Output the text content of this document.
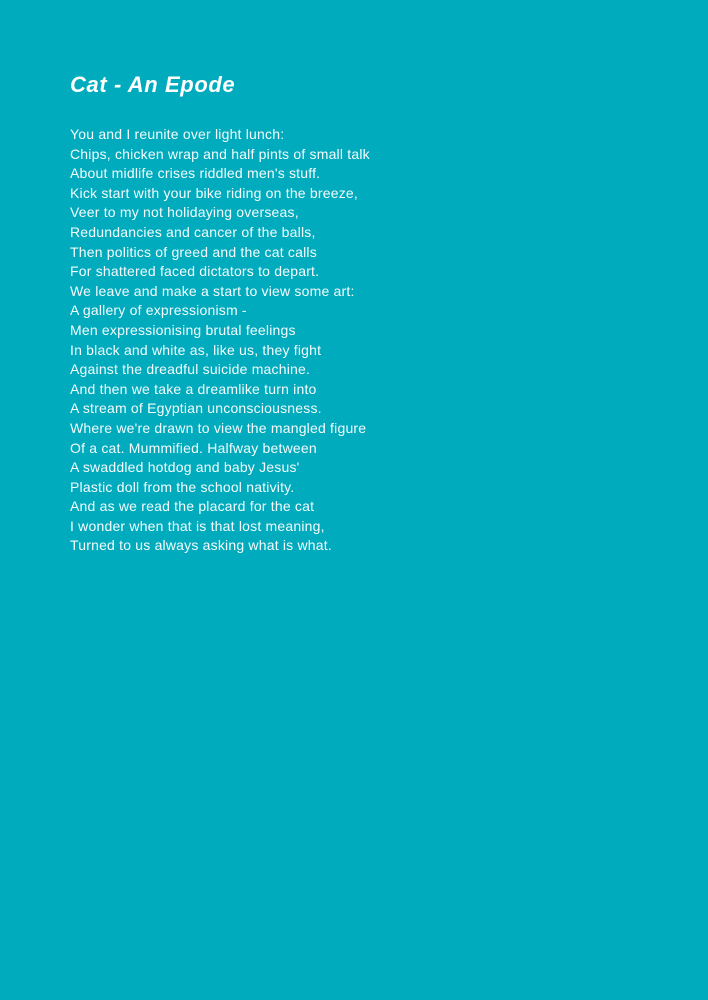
Cat - An Epode
You and I reunite over light lunch:
Chips, chicken wrap and half pints of small talk
About midlife crises riddled men's stuff.
Kick start with your bike riding on the breeze,
Veer to my not holidaying overseas,
Redundancies and cancer of the balls,
Then politics of greed and the cat calls
For shattered faced dictators to depart.
We leave and make a start to view some art:
A gallery of expressionism -
Men expressionising brutal feelings
In black and white as, like us, they fight
Against the dreadful suicide machine.
And then we take a dreamlike turn into
A stream of Egyptian unconsciousness.
Where we're drawn to view the mangled figure
Of a cat. Mummified. Halfway between
A swaddled hotdog and baby Jesus'
Plastic doll from the school nativity.
And as we read the placard for the cat
I wonder when that is that lost meaning,
Turned to us always asking what is what.
